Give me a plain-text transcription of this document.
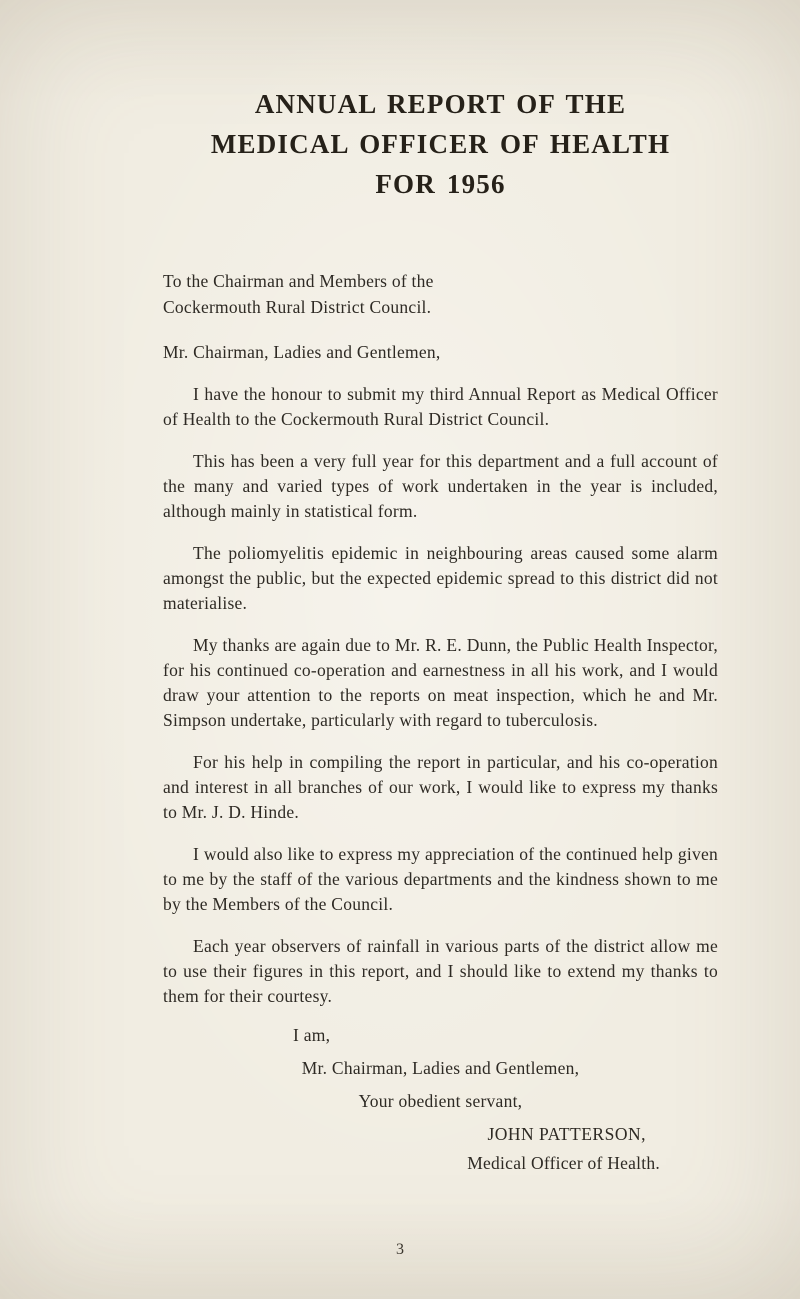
ANNUAL REPORT OF THE
MEDICAL OFFICER OF HEALTH
FOR 1956
To the Chairman and Members of the
Cockermouth Rural District Council.

Mr. Chairman, Ladies and Gentlemen,

I have the honour to submit my third Annual Report as Medical Officer of Health to the Cockermouth Rural District Council.

This has been a very full year for this department and a full account of the many and varied types of work undertaken in the year is included, although mainly in statistical form.

The poliomyelitis epidemic in neighbouring areas caused some alarm amongst the public, but the expected epidemic spread to this district did not materialise.

My thanks are again due to Mr. R. E. Dunn, the Public Health Inspector, for his continued co-operation and earnestness in all his work, and I would draw your attention to the reports on meat inspection, which he and Mr. Simpson undertake, particularly with regard to tuberculosis.

For his help in compiling the report in particular, and his co-operation and interest in all branches of our work, I would like to express my thanks to Mr. J. D. Hinde.

I would also like to express my appreciation of the continued help given to me by the staff of the various departments and the kindness shown to me by the Members of the Council.

Each year observers of rainfall in various parts of the district allow me to use their figures in this report, and I should like to extend my thanks to them for their courtesy.

I am,

Mr. Chairman, Ladies and Gentlemen,

Your obedient servant,

JOHN PATTERSON,

Medical Officer of Health.

3
